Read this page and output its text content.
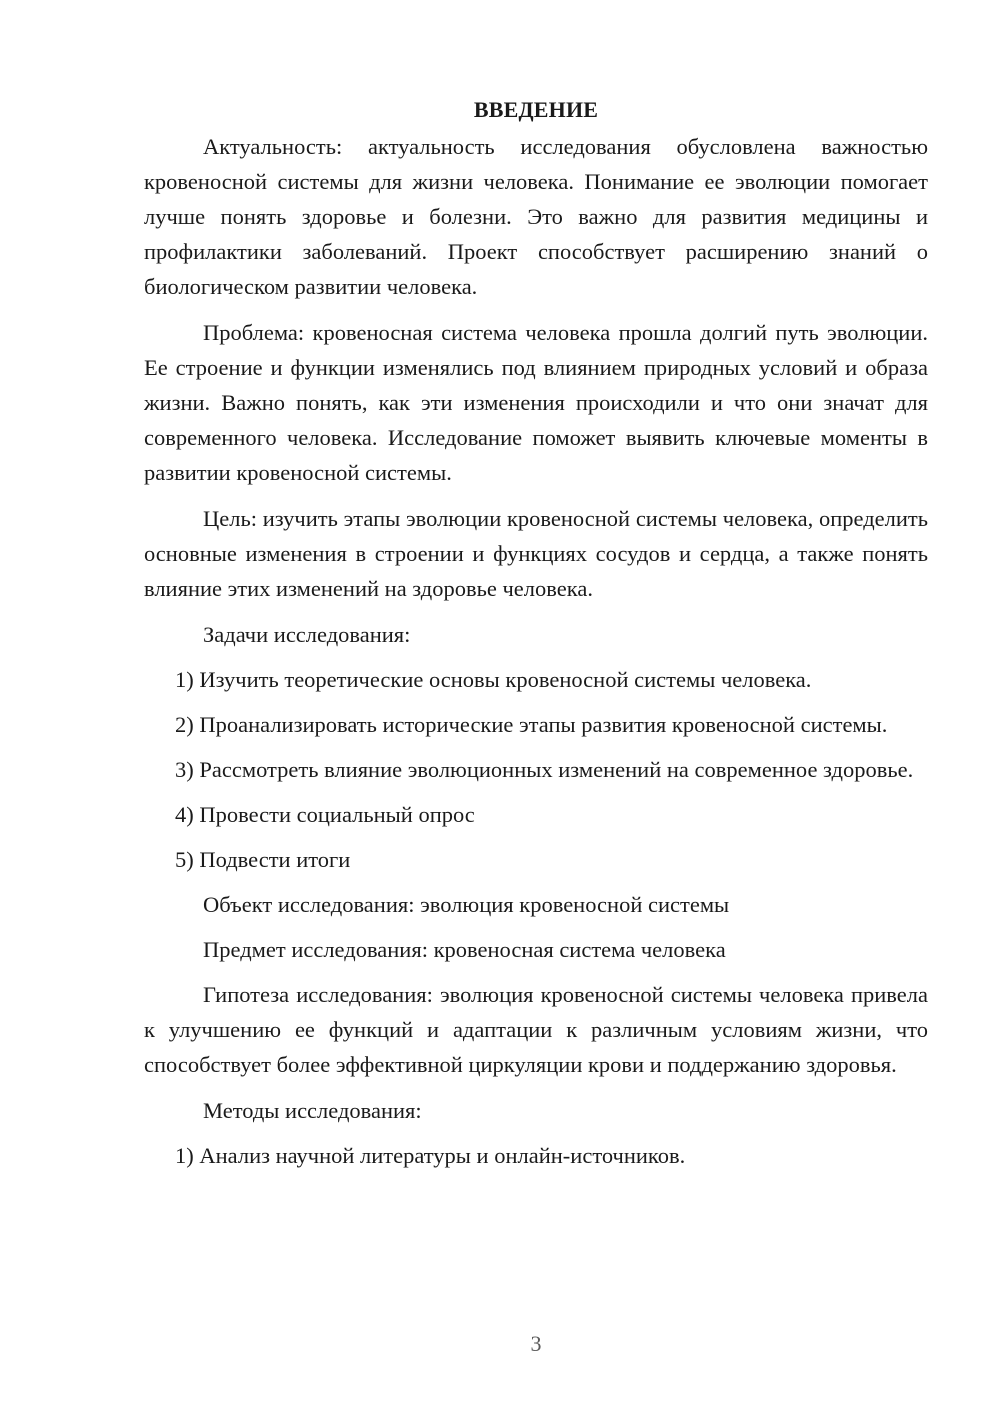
ВВЕДЕНИЕ

Актуальность: актуальность исследования обусловлена важностью кровеносной системы для жизни человека. Понимание ее эволюции помогает лучше понять здоровье и болезни. Это важно для развития медицины и профилактики заболеваний. Проект способствует расширению знаний о биологическом развитии человека.

Проблема: кровеносная система человека прошла долгий путь эволюции. Ее строение и функции изменялись под влиянием природных условий и образа жизни. Важно понять, как эти изменения происходили и что они значат для современного человека. Исследование поможет выявить ключевые моменты в развитии кровеносной системы.

Цель: изучить этапы эволюции кровеносной системы человека, определить основные изменения в строении и функциях сосудов и сердца, а также понять влияние этих изменений на здоровье человека.

Задачи исследования:

1) Изучить теоретические основы кровеносной системы человека.

2) Проанализировать исторические этапы развития кровеносной системы.

3) Рассмотреть влияние эволюционных изменений на современное здоровье.

4) Провести социальный опрос

5) Подвести итоги

Объект исследования: эволюция кровеносной системы
Предмет исследования: кровеносная система человека

Гипотеза исследования: эволюция кровеносной системы человека привела к улучшению ее функций и адаптации к различным условиям жизни, что способствует более эффективной циркуляции крови и поддержанию здоровья.

Методы исследования:

1) Анализ научной литературы и онлайн-источников.

3
